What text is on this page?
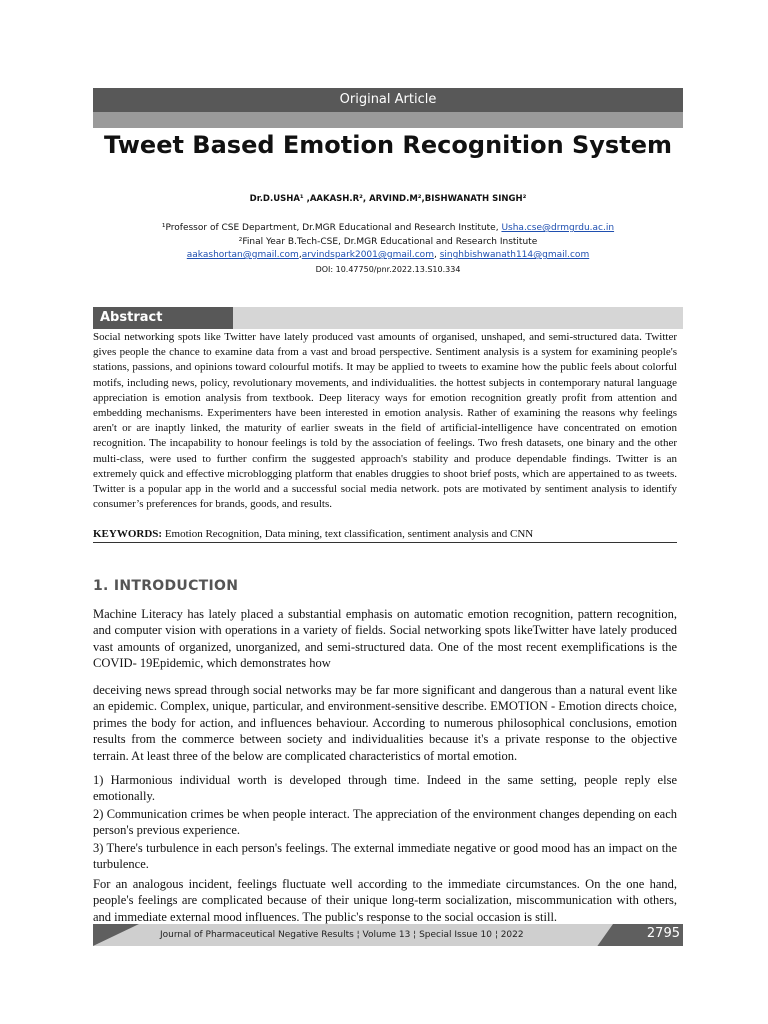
Original Article
Tweet Based Emotion Recognition System
Dr.D.USHA¹ ,AAKASH.R², ARVIND.M²,BISHWANATH SINGH²
¹Professor of CSE Department, Dr.MGR Educational and Research Institute, Usha.cse@drmgrdu.ac.in
²Final Year B.Tech-CSE, Dr.MGR Educational and Research Institute
aakashortan@gmail.com,arvindspark2001@gmail.com, singhbishwanath114@gmail.com
DOI: 10.47750/pnr.2022.13.S10.334
Abstract

Social networking spots like Twitter have lately produced vast amounts of organised, unshaped, and semi-structured data. Twitter gives people the chance to examine data from a vast and broad perspective. Sentiment analysis is a system for examining people's stations, passions, and opinions toward colourful motifs. It may be applied to tweets to examine how the public feels about colorful motifs, including news, policy, revolutionary movements, and individualities. the hottest subjects in contemporary natural language appreciation is emotion analysis from textbook. Deep literacy ways for emotion recognition greatly profit from attention and embedding mechanisms. Experimenters have been interested in emotion analysis. Rather of examining the reasons why feelings aren't or are inaptly linked, the maturity of earlier sweats in the field of artificial-intelligence have concentrated on emotion recognition. The incapability to honour feelings is told by the association of feelings. Two fresh datasets, one binary and the other multi-class, were used to further confirm the suggested approach's stability and produce dependable findings. Twitter is an extremely quick and effective microblogging platform that enables druggies to shoot brief posts, which are appertained to as tweets. Twitter is a popular app in the world and a successful social media network. pots are motivated by sentiment analysis to identify consumer’s preferences for brands, goods, and results.

KEYWORDS: Emotion Recognition, Data mining, text classification, sentiment analysis and CNN

1. INTRODUCTION

Machine Literacy has lately placed a substantial emphasis on automatic emotion recognition, pattern recognition, and computer vision with operations in a variety of fields. Social networking spots likeTwitter have lately produced vast amounts of organized, unorganized, and semi-structured data. One of the most recent exemplifications is the COVID- 19Epidemic, which demonstrates how

deceiving news spread through social networks may be far more significant and dangerous than a natural event like an epidemic. Complex, unique, particular, and environment-sensitive describe. EMOTION - Emotion directs choice, primes the body for action, and influences behaviour. According to numerous philosophical conclusions, emotion results from the commerce between society and individualities because it's a private response to the objective terrain. At least three of the below are complicated characteristics of mortal emotion.

1) Harmonious individual worth is developed through time. Indeed in the same setting, people reply else emotionally.

2) Communication crimes be when people interact. The appreciation of the environment changes depending on each person's previous experience.

3) There's turbulence in each person's feelings. The external immediate negative or good mood has an impact on the turbulence.

For an analogous incident, feelings fluctuate well according to the immediate circumstances. On the one hand, people's feelings are complicated because of their unique long-term socialization, miscommunication with others, and immediate external mood influences. The public's response to the social occasion is still.

Journal of Pharmaceutical Negative Results ¦ Volume 13 ¦ Special Issue 10 ¦ 2022	2795
